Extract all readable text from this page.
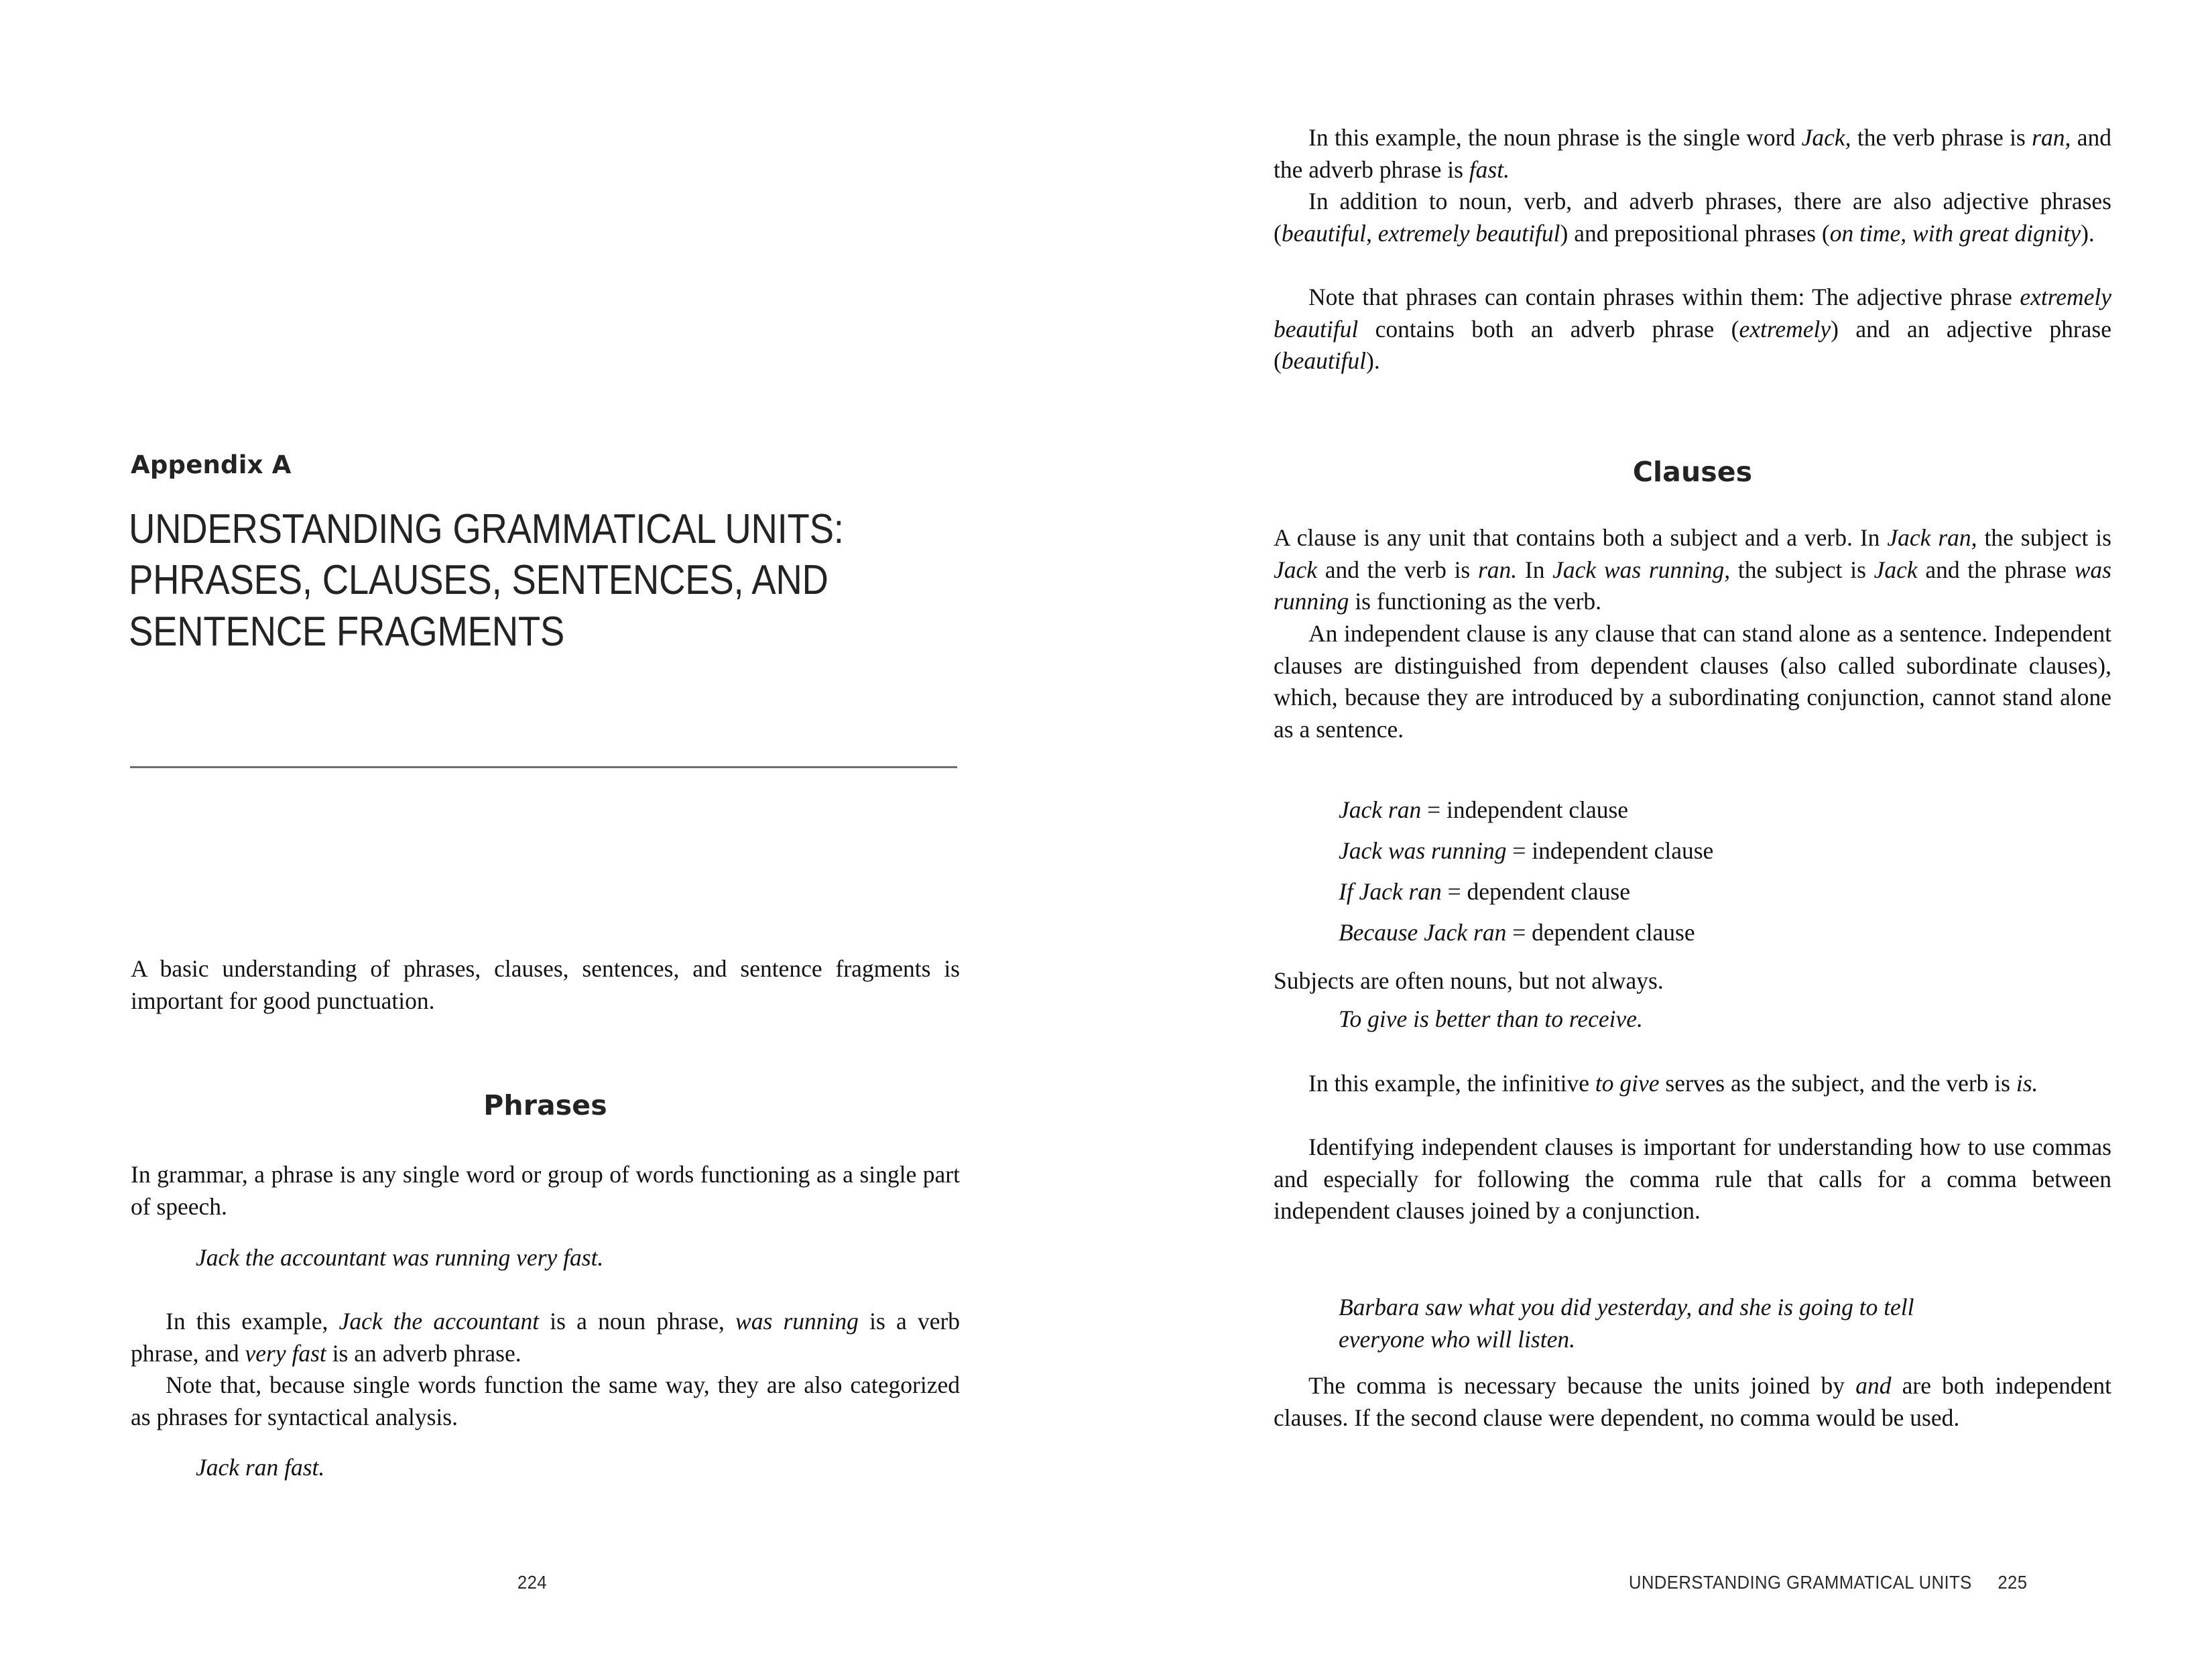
Appendix A
UNDERSTANDING GRAMMATICAL UNITS:
PHRASES, CLAUSES, SENTENCES, AND
SENTENCE FRAGMENTS
A basic understanding of phrases, clauses, sentences, and sentence fragments is important for good punctuation.
Phrases
In grammar, a phrase is any single word or group of words functioning as a single part of speech.
Jack the accountant was running very fast.
In this example, Jack the accountant is a noun phrase, was running is a verb phrase, and very fast is an adverb phrase.
Note that, because single words function the same way, they are also categorized as phrases for syntactical analysis.
Jack ran fast.
224
In this example, the noun phrase is the single word Jack, the verb phrase is ran, and the adverb phrase is fast.
In addition to noun, verb, and adverb phrases, there are also adjective phrases (beautiful, extremely beautiful) and prepositional phrases (on time, with great dignity).
Note that phrases can contain phrases within them: The adjective phrase extremely beautiful contains both an adverb phrase (extremely) and an adjective phrase (beautiful).
Clauses
A clause is any unit that contains both a subject and a verb. In Jack ran, the subject is Jack and the verb is ran. In Jack was running, the subject is Jack and the phrase was running is functioning as the verb.
An independent clause is any clause that can stand alone as a sentence. Independent clauses are distinguished from dependent clauses (also called subordinate clauses), which, because they are introduced by a subordinating conjunction, cannot stand alone as a sentence.
Jack ran = independent clause
Jack was running = independent clause
If Jack ran = dependent clause
Because Jack ran = dependent clause
Subjects are often nouns, but not always.
To give is better than to receive.
In this example, the infinitive to give serves as the subject, and the verb is is.
Identifying independent clauses is important for understanding how to use commas and especially for following the comma rule that calls for a comma between independent clauses joined by a conjunction.
Barbara saw what you did yesterday, and she is going to tell
everyone who will listen.
The comma is necessary because the units joined by and are both independent clauses. If the second clause were dependent, no comma would be used.
UNDERSTANDING GRAMMATICAL UNITS 225
